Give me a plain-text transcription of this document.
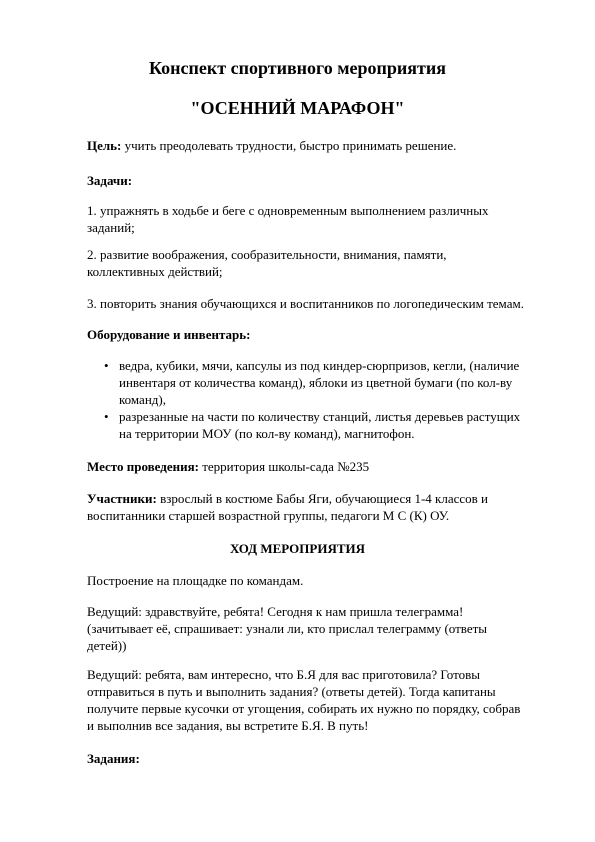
Конспект спортивного мероприятия
"ОСЕННИЙ МАРАФОН"
Цель: учить преодолевать трудности, быстро принимать решение.
Задачи:
1. упражнять в ходьбе и беге с одновременным выполнением различных заданий;
2. развитие воображения, сообразительности, внимания, памяти, коллективных действий;
3. повторить знания обучающихся и воспитанников по логопедическим темам.
Оборудование и инвентарь:
• ведра, кубики, мячи, капсулы из под киндер-сюрпризов, кегли, (наличие инвентаря от количества команд), яблоки из цветной бумаги (по кол-ву команд),
• разрезанные на части по количеству станций, листья деревьев растущих на территории МОУ (по кол-ву команд), магнитофон.
Место проведения: территория школы-сада №235
Участники: взрослый в костюме Бабы Яги, обучающиеся 1-4 классов и воспитанники старшей возрастной группы, педагоги М С (К) ОУ.
ХОД МЕРОПРИЯТИЯ
Построение на площадке по командам.
Ведущий: здравствуйте, ребята! Сегодня к нам пришла телеграмма! (зачитывает её, спрашивает: узнали ли, кто прислал телеграмму (ответы детей))
Ведущий: ребята, вам интересно, что Б.Я для вас приготовила? Готовы отправиться в путь и выполнить задания? (ответы детей). Тогда капитаны получите первые кусочки от угощения, собирать их нужно по порядку, собрав и выполнив все задания, вы встретите Б.Я. В путь!
Задания:
